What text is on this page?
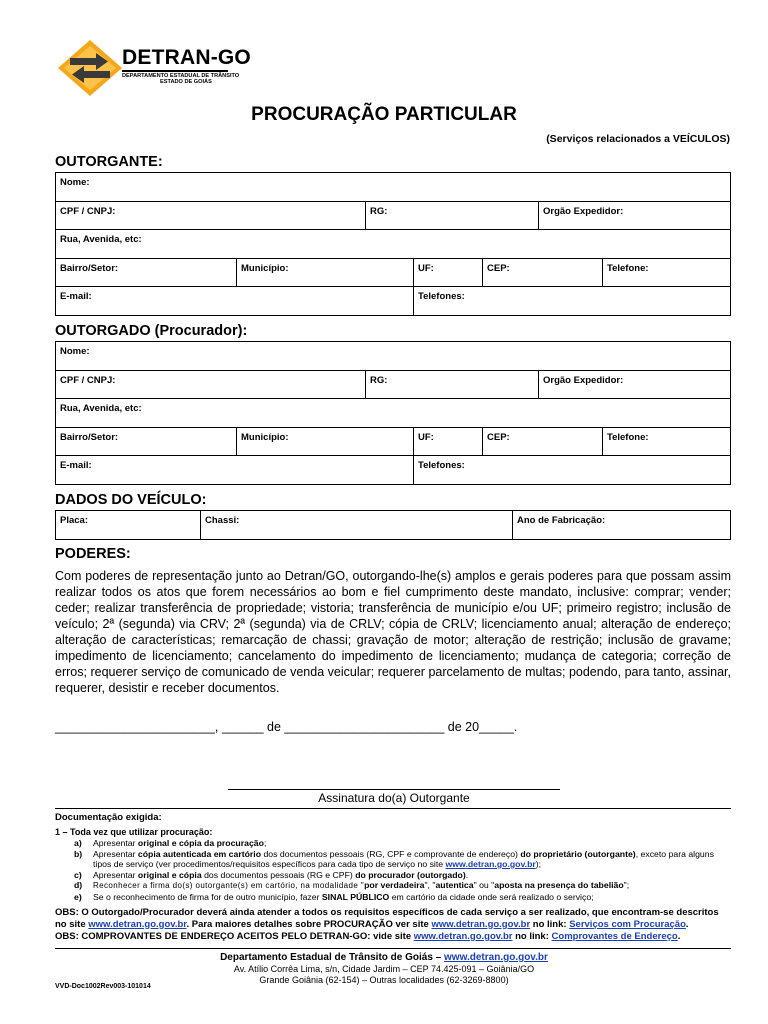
DETRAN-GO
DEPARTAMENTO ESTADUAL DE TRÂNSITO
ESTADO DE GOIÁS
PROCURAÇÃO PARTICULAR
(Serviços relacionados a VEÍCULOS)
OUTORGANTE:
Nome:
CPF / CNPJ:	RG:	Orgão Expedidor:
Rua, Avenida, etc:
Bairro/Setor:	Município:	UF:	CEP:	Telefone:
E-mail:	Telefones:
OUTORGADO (Procurador):
Nome:
CPF / CNPJ:	RG:	Orgão Expedidor:
Rua, Avenida, etc:
Bairro/Setor:	Município:	UF:	CEP:	Telefone:
E-mail:	Telefones:
DADOS DO VEÍCULO:
Placa:	Chassi:	Ano de Fabricação:
PODERES:
Com poderes de representação junto ao Detran/GO, outorgando-lhe(s) amplos e gerais poderes para que possam assim realizar todos os atos que forem necessários ao bom e fiel cumprimento deste mandato, inclusive: comprar; vender; ceder; realizar transferência de propriedade; vistoria; transferência de município e/ou UF; primeiro registro; inclusão de veículo; 2ª (segunda) via CRV; 2ª (segunda) via de CRLV; cópia de CRLV; licenciamento anual; alteração de endereço; alteração de características; remarcação de chassi; gravação de motor; alteração de restrição; inclusão de gravame; impedimento de licenciamento; cancelamento do impedimento de licenciamento; mudança de categoria; correção de erros; requerer serviço de comunicado de venda veicular; requerer parcelamento de multas; podendo, para tanto, assinar, requerer, desistir e receber documentos.
_______________________, ______ de _______________________ de 20_____.
Assinatura do(a) Outorgante
Documentação exigida:
1 – Toda vez que utilizar procuração:
a)	Apresentar original e cópia da procuração;
b)	Apresentar cópia autenticada em cartório dos documentos pessoais (RG, CPF e comprovante de endereço) do proprietário (outorgante), exceto para alguns tipos de serviço (ver procedimentos/requisitos específicos para cada tipo de serviço no site www.detran.go.gov.br);
c)	Apresentar original e cópia dos documentos pessoais (RG e CPF) do procurador (outorgado).
d)	Reconhecer a firma do(s) outorgante(s) em cartório, na modalidade "por verdadeira", "autentica" ou "aposta na presença do tabelião";
e)	Se o reconhecimento de firma for de outro município, fazer SINAL PÚBLICO em cartório da cidade onde será realizado o serviço;
OBS: O Outorgado/Procurador deverá ainda atender a todos os requisitos específicos de cada serviço a ser realizado, que encontram-se descritos no site www.detran.go.gov.br. Para maiores detalhes sobre PROCURAÇÃO ver site www.detran.go.gov.br no link: Serviços com Procuração.
OBS: COMPROVANTES DE ENDEREÇO ACEITOS PELO DETRAN-GO: vide site www.detran.go.gov.br no link: Comprovantes de Endereço.
Departamento Estadual de Trânsito de Goiás – www.detran.go.gov.br
Av. Atílio Corrêa Lima, s/n, Cidade Jardim – CEP 74.425-091 – Goiânia/GO
Grande Goiânia (62-154) – Outras localidades (62-3269-8800)
VVD-Doc1002Rev003-101014
